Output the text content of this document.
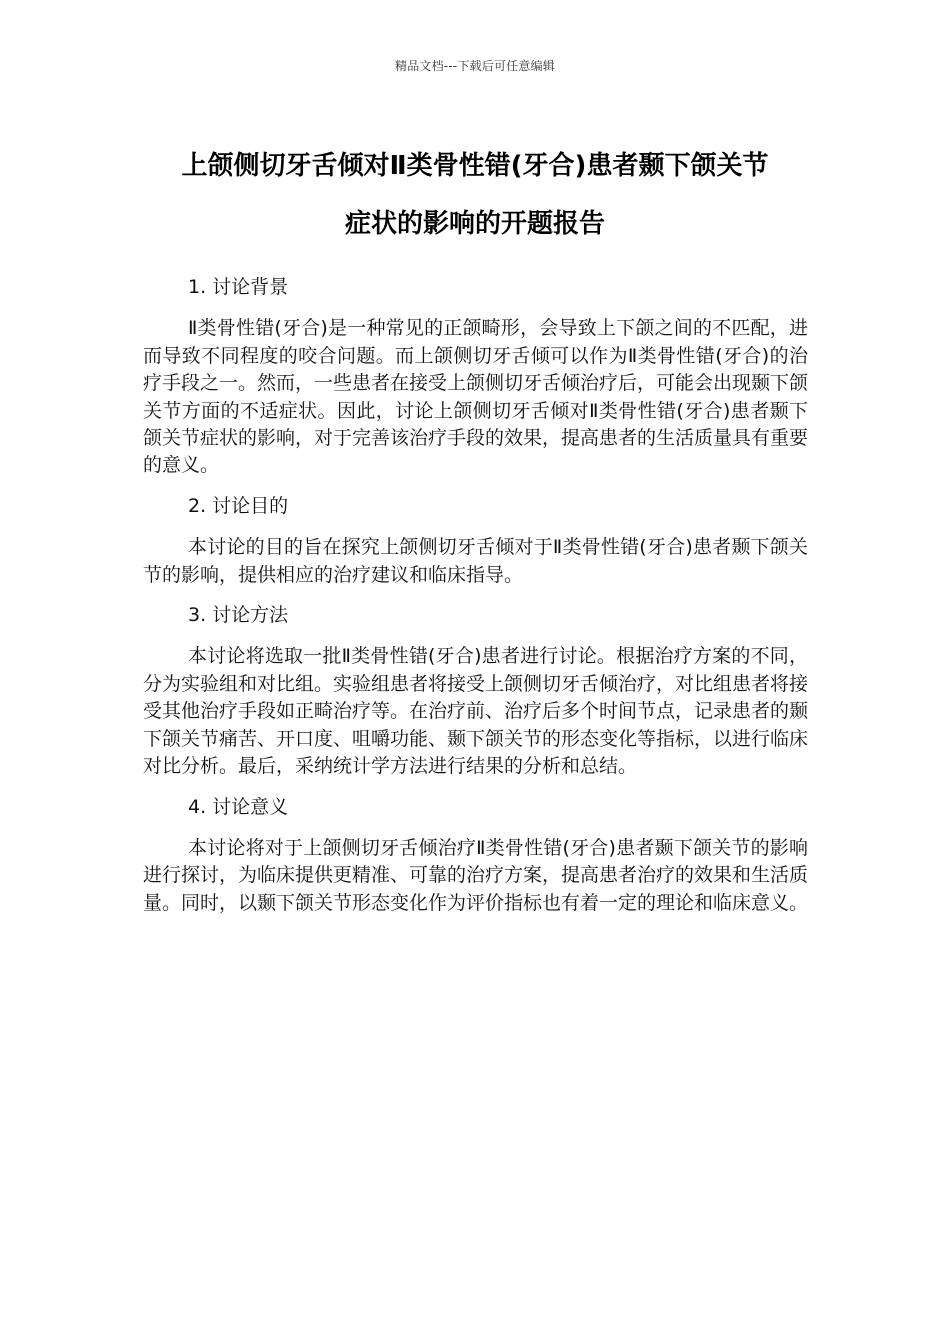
精品文档---下载后可任意编辑
上颌侧切牙舌倾对Ⅱ类骨性错(牙合)患者颞下颌关节
症状的影响的开题报告
1. 讨论背景

Ⅱ类骨性错(牙合)是一种常见的正颌畸形，会导致上下颌之间的不匹配，进而导致不同程度的咬合问题。而上颌侧切牙舌倾可以作为Ⅱ类骨性错(牙合)的治疗手段之一。然而，一些患者在接受上颌侧切牙舌倾治疗后，可能会出现颞下颌关节方面的不适症状。因此，讨论上颌侧切牙舌倾对Ⅱ类骨性错(牙合)患者颞下颌关节症状的影响，对于完善该治疗手段的效果，提高患者的生活质量具有重要的意义。

2. 讨论目的

本讨论的目的旨在探究上颌侧切牙舌倾对于Ⅱ类骨性错(牙合)患者颞下颌关节的影响，提供相应的治疗建议和临床指导。

3. 讨论方法

本讨论将选取一批Ⅱ类骨性错(牙合)患者进行讨论。根据治疗方案的不同，分为实验组和对比组。实验组患者将接受上颌侧切牙舌倾治疗，对比组患者将接受其他治疗手段如正畸治疗等。在治疗前、治疗后多个时间节点，记录患者的颞下颌关节痛苦、开口度、咀嚼功能、颞下颌关节的形态变化等指标，以进行临床对比分析。最后，采纳统计学方法进行结果的分析和总结。

4. 讨论意义

本讨论将对于上颌侧切牙舌倾治疗Ⅱ类骨性错(牙合)患者颞下颌关节的影响进行探讨，为临床提供更精准、可靠的治疗方案，提高患者治疗的效果和生活质量。同时，以颞下颌关节形态变化作为评价指标也有着一定的理论和临床意义。
